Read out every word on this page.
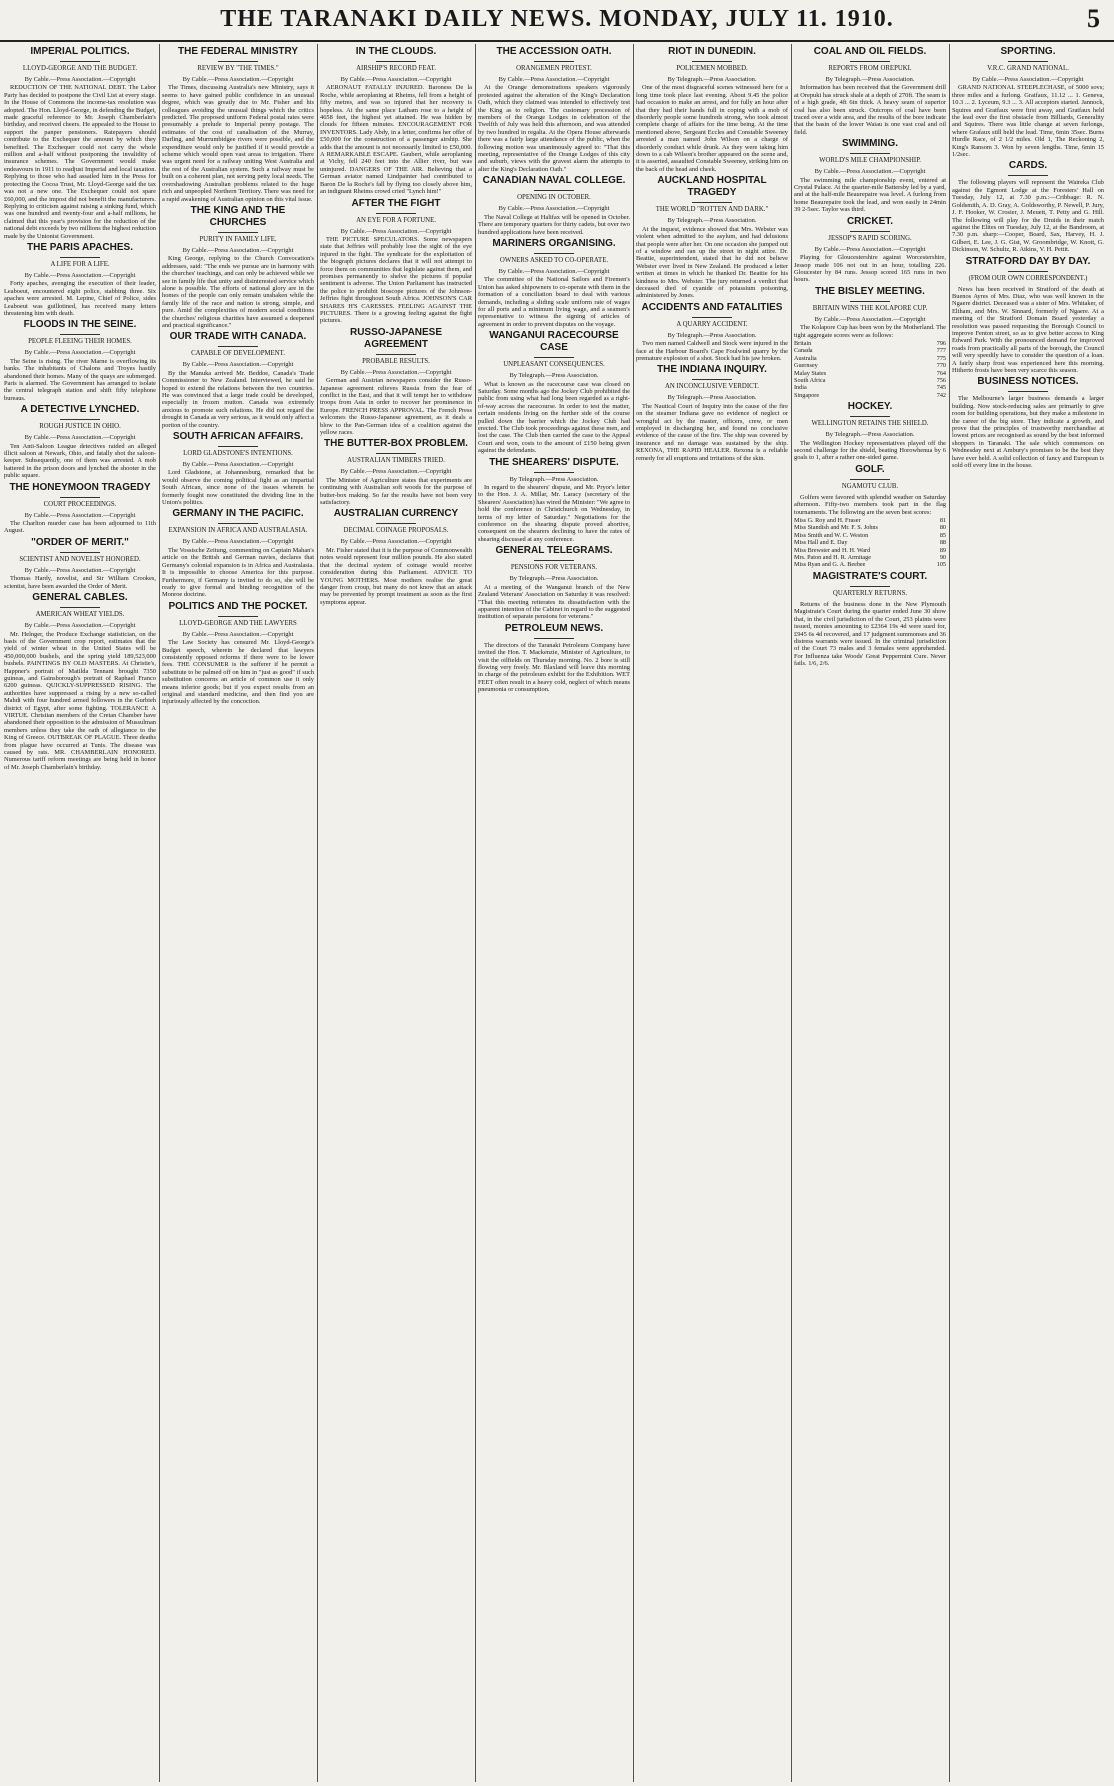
THE TARANAKI DAILY NEWS. MONDAY, JULY 11. 1910.	5
IMPERIAL POLITICS.
LLOYD-GEORGE AND THE BUDGET.
By Cable.—Press Association.—Copyright
REDUCTION OF THE NATIONAL DEBT. The Labor Party has decided to postpone the Civil List at every stage. In the House of Commons the income-tax resolution was adopted. The Hon. Lloyd-George, in defending the Budget, made graceful reference to Mr. Joseph Chamberlain's birthday, and received cheers. He appealed to the House to support the panper pensioners. Ratepayers should contribute to the Exchequer the amount by which they benefited. The Exchequer could not carry the whole million and a-half without postponing the invalidity of insurance schemes. The Government would make endeavours in 1911 to readjust Imperial and local taxation. Replying to those who had assailed him in the Press for protecting the Cocoa Trust, Mr. Lloyd-George said the tax was not a new one. The Exchequer could not spare £60,000, and the impost did not benefit the manufacturers. Replying to criticism against raising a sinking fund, which was one hundred and twenty-four and a-half millions, he claimed that this year's provision for the reduction of the national debt exceeds by two millions the highest reduction made by the Unionist Government.
THE PARIS APACHES.
A LIFE FOR A LIFE.
By Cable.—Press Association.—Copyright
Forty apaches, avenging the execution of their leader, Leaboeut, encountered eight police, stabbing three. Six apaches were arrested. M. Lepine, Chief of Police, sides Leaboeut was guillotined, has received many letters threatening him with death.
FLOODS IN THE SEINE.
PEOPLE FLEEING THEIR HOMES.
By Cable.—Press Association.—Copyright
The Seine is rising. The river Marne is overflowing its banks. The inhabitants of Chalons and Troyes hastily abandoned their homes. Many of the quays are submerged. Paris is alarmed. The Government has arranged to isolate the central telegraph station and shift fifty telephone bureaus.
A DETECTIVE LYNCHED.
ROUGH JUSTICE IN OHIO.
By Cable.—Press Association.—Copyright
Ten Anti-Saloon League detectives raided an alleged illicit saloon at Newark, Ohio, and fatally shot the saloon-keeper. Subsequently, one of them was arrested. A mob battered in the prison doors and lynched the shooter in the public square.
THE HONEYMOON TRAGEDY
COURT PROCEEDINGS.
By Cable.—Press Association.—Copyright
The Charlton murder case has been adjourned to 11th August.
"ORDER OF MERIT."
SCIENTIST AND NOVELIST HONORED.
By Cable.—Press Association.—Copyright
Thomas Hardy, novelist, and Sir William Crookes, scientist, have been awarded the Order of Merit.
GENERAL CABLES.
AMERICAN WHEAT YIELDS.
By Cable.—Press Association.—Copyright
Mr. Helnger, the Produce Exchange statistician, on the basis of the Government crop report, estimates that the yield of winter wheat in the United States will be 450,000,000 bushels, and the spring yield 189,523,000 bushels. PAINTINGS BY OLD MASTERS. At Christie's, Happner's portrait of Matilda Tennant brought 7350 guineas, and Gainsborough's portrait of Raphael Franco 6200 guineas. QUICKLY-SUPPRESSED RISING. The authorities have suppressed a rising by a new so-called Mahdi with four hundred armed followers in the Gurbieh district of Egypt, after some fighting. TOLERANCE A VIRTUE. Christian members of the Cretan Chamber have abandoned their opposition to the admission of Mussulman members unless they take the oath of allegiance to the King of Greece. OUTBREAK OF PLAGUE. Three deaths from plague have occurred at Tunis. The disease was caused by rats. MR. CHAMBERLAIN HONORED. Numerous tariff reform meetings are being held in honor of Mr. Joseph Chamberlain's birthday.
THE FEDERAL MINISTRY
REVIEW BY "THE TIMES."
By Cable.—Press Association.—Copyright
The Times, discussing Australia's new Ministry, says it seems to have gained public confidence in an unusual degree, which was greatly due to Mr. Fisher and his colleagues avoiding the unusual things which the critics predicted. The proposed uniform Federal postal rates were presumably a prelude to Imperial penny postage. The estimates of the cost of canalisation of the Murray, Darling, and Murrumbidgee rivers were possible, and the expenditure would only be justified if it would provide a scheme which would open vast areas to irrigation. There was urgent need for a railway uniting West Australia and the rest of the Australian system. Such a railway must be built on a coherent plan, not serving petty local needs. The overshadowing Australian problems related to the huge rich and unpeopled Northern Territory. There was need for a rapid awakening of Australian opinion on this vital issue.
THE KING AND THE CHURCHES
PURITY IN FAMILY LIFE.
By Cable.—Press Association.—Copyright
King George, replying to the Church Convocation's addresses, said: "The ends we pursue are in harmony with the churches' teachings, and can only be achieved while we see in family life that unity and disinterested service which alone is possible. The efforts of national glory are in the homes of the people can only remain unshaken while the family life of the race and nation is strong, simple, and pure. Amid the complexities of modern social conditions the churches' religious charities have assumed a deepened and practical significance."
OUR TRADE WITH CANADA.
CAPABLE OF DEVELOPMENT.
By Cable.—Press Association.—Copyright
By the Manuka arrived Mr. Beddoe, Canada's Trade Commissioner to New Zealand. Interviewed, he said he hoped to extend the relations between the two countries. He was convinced that a large trade could be developed, especially in frozen mutton. Canada was extremely anxious to promote such relations. He did not regard the drought in Canada as very serious, as it would only affect a portion of the country.
SOUTH AFRICAN AFFAIRS.
LORD GLADSTONE'S INTENTIONS.
By Cable.—Press Association.—Copyright
Lord Gladstone, at Johannesburg, remarked that he would observe the coming political fight as an impartial South African, since none of the issues wherein he formerly fought now constituted the dividing line in the Union's politics.
GERMANY IN THE PACIFIC.
EXPANSION IN AFRICA AND AUSTRALASIA.
By Cable.—Press Association.—Copyright
The Vossische Zeitung, commenting on Captain Mahan's article on the British and German navies, declares that Germany's colonial expansion is in Africa and Australasia. It is impossible to choose America for this purpose. Furthermore, if Germany is invited to do so, she will be ready to give formal and binding recognition of the Monroe doctrine.
POLITICS AND THE POCKET.
LLOYD-GEORGE AND THE LAWYERS
By Cable.—Press Association.—Copyright
The Law Society has censured Mr. Lloyd-George's Budget speech, wherein he declared that lawyers consistently opposed reforms if there were to be lower fees. THE CONSUMER is the sufferer if he permit a substitute to be palmed off on him in "just as good" if such substitution concerns an article of common use it only means inferior goods; but if you expect results from an original and standard medicine, and then find you are injuriously affected by the concoction.
IN THE CLOUDS.
AIRSHIP'S RECORD FEAT.
By Cable.—Press Association.—Copyright
AERONAUT FATALLY INJURED. Baroness De la Roche, while aeroplaning at Rheims, fell from a height of fifty metres, and was so injured that her recovery is hopeless. At the same place Latham rose to a height of 4658 feet, the highest yet attained. He was hidden by clouds for fifteen minutes. ENCOURAGEMENT FOR INVENTORS. Lady Abdy, in a letter, confirms her offer of £50,000 for the construction of a passenger airship. She adds that the amount is not necessarily limited to £50,000. A REMARKABLE ESCAPE. Gaubert, while aeroplaning at Vichy, fell 240 feet into the Allier river, but was uninjured. DANGERS OF THE AIR. Believing that a German aviator named Lindpainter had contributed to Baron De la Roche's fall by flying too closely above him, an indignant Rheims crowd cried "Lynch him!"
AFTER THE FIGHT
AN EYE FOR A FORTUNE.
By Cable.—Press Association.—Copyright
THE PICTURE SPECULATORS. Some newspapers state that Jeffries will probably lose the sight of the eye injured in the fight. The syndicate for the exploitation of the biograph pictures declares that it will not attempt to force them on communities that legislate against them, and promises permanently to shelve the pictures if popular sentiment is adverse. The Union Parliament has instructed the police to prohibit bioscope pictures of the Johnson-Jeffries fight throughout South Africa. JOHNSON'S CAR SHARES H'S CARESSES. FEELING AGAINST THE PICTURES. There is a growing feeling against the fight pictures.
RUSSO-JAPANESE AGREEMENT
PROBABLE RESULTS.
By Cable.—Press Association.—Copyright
German and Austrian newspapers consider the Russo-Japanese agreement relieves Russia from the fear of conflict in the East, and that it will tempt her to withdraw troops from Asia in order to recover her prominence in Europe. FRENCH PRESS APPROVAL. The French Press welcomes the Russo-Japanese agreement, as it deals a blow to the Pan-German idea of a coalition against the yellow races.
THE BUTTER-BOX PROBLEM.
AUSTRALIAN TIMBERS TRIED.
By Cable.—Press Association.—Copyright
The Minister of Agriculture states that experiments are continuing with Australian soft woods for the purpose of butter-box making. So far the results have not been very satisfactory.
AUSTRALIAN CURRENCY
DECIMAL COINAGE PROPOSALS.
By Cable.—Press Association.—Copyright
Mr. Fisher stated that it is the purpose of Commonwealth notes would represent four million pounds. He also stated that the decimal system of coinage would receive consideration during this Parliament. ADVICE TO YOUNG MOTHERS. Most mothers realise the great danger from croup, but many do not know that an attack may be prevented by prompt treatment as soon as the first symptoms appear.
THE ACCESSION OATH.
ORANGEMEN PROTEST.
By Cable.—Press Association.—Copyright
At the Orange demonstrations speakers vigorously protested against the alteration of the King's Declaration Oath, which they claimed was intended to effectively test the King as to religion. The customary procession of members of the Orange Lodges in celebration of the Twelfth of July was held this afternoon, and was attended by two hundred in regalia. At the Opera House afterwards there was a fairly large attendance of the public, when the following motion was unanimously agreed to: "That this meeting, representative of the Orange Lodges of this city and suburb, views with the gravest alarm the attempts to alter the King's Declaration Oath."
CANADIAN NAVAL COLLEGE.
OPENING IN OCTOBER.
By Cable.—Press Association.—Copyright
The Naval College at Halifax will be opened in October. There are temporary quarters for thirty cadets, but over two hundred applications have been received.
MARINERS ORGANISING.
OWNERS ASKED TO CO-OPERATE.
By Cable.—Press Association.—Copyright
The committee of the National Sailors and Firemen's Union has asked shipowners to co-operate with them in the formation of a conciliation board to deal with various demands, including a sliding scale uniform rate of wages for all ports and a minimum living wage, and a seamen's representative to witness the signing of articles of agreement in order to prevent disputes on the voyage.
WANGANUI RACECOURSE CASE
UNPLEASANT CONSEQUENCES.
By Telegraph.—Press Association.
What is known as the racecourse case was closed on Saturday. Some months ago the Jockey Club prohibited the public from using what had long been regarded as a right-of-way across the racecourse. In order to test the matter, certain residents living on the further side of the course pulled down the barrier which the Jockey Club had erected. The Club took proceedings against these men, and lost the case. The Club then carried the case to the Appeal Court and won, costs to the amount of £150 being given against the defendants.
THE SHEARERS' DISPUTE.
By Telegraph.—Press Association.
In regard to the shearers' dispute, and Mr. Pryor's letter to the Hon. J. A. Millar, Mr. Laracy (secretary of the Shearers' Association) has wired the Minister: "We agree to hold the conference in Christchurch on Wednesday, in terms of my letter of Saturday." Negotiations for the conference on the shearing dispute proved abortive, consequent on the shearers declining to have the rates of shearing discussed at any conference.
GENERAL TELEGRAMS.
PENSIONS FOR VETERANS.
By Telegraph.—Press Association.
At a meeting of the Wanganui branch of the New Zealand Veterans' Association on Saturday it was resolved: "That this meeting reiterates its dissatisfaction with the apparent intention of the Cabinet in regard to the suggested institution of separate pensions for veterans."
PETROLEUM NEWS.
The directors of the Taranaki Petroleum Company have invited the Hon. T. Mackenzie, Minister of Agriculture, to visit the oilfields on Thursday morning. No. 2 bore is still flowing very freely. Mr. Blaxland will leave this morning in charge of the petroleum exhibit for the Exhibition. WET FEET often result in a heavy cold, neglect of which means pneumonia or consumption.
RIOT IN DUNEDIN.
POLICEMEN MOBBED.
By Telegraph.—Press Association.
One of the most disgraceful scenes witnessed here for a long time took place last evening. About 9.45 the police had occasion to make an arrest, and for fully an hour after that they had their hands full in coping with a mob of disorderly people some hundreds strong, who took almost complete charge of affairs for the time being. At the time mentioned above, Sergeant Eccles and Constable Sweeney arrested a man named John Wilson on a charge of disorderly conduct while drunk. As they were taking him down to a cab Wilson's brother appeared on the scene and, it is asserted, assaulted Constable Sweeney, striking him on the back of the head and cheek.
AUCKLAND HOSPITAL TRAGEDY
THE WORLD "ROTTEN AND DARK."
By Telegraph.—Press Association.
At the inquest, evidence showed that Mrs. Webster was violent when admitted to the asylum, and had delusions that people were after her. On one occasion she jumped out of a window and ran up the street in night attire. Dr. Beattie, superintendent, stated that he did not believe Webster ever lived in New Zealand. He produced a letter written at times in which he thanked Dr. Beattie for his kindness to Mrs. Webster. The jury returned a verdict that deceased died of cyanide of potassium poisoning, administered by Jones.
ACCIDENTS AND FATALITIES
A QUARRY ACCIDENT.
By Telegraph.—Press Association.
Two men named Caldwell and Stock were injured in the face at the Harbour Board's Cape Foulwind quarry by the premature explosion of a shot. Stock had his jaw broken.
THE INDIANA INQUIRY.
AN INCONCLUSIVE VERDICT.
By Telegraph.—Press Association.
The Nautical Court of Inquiry into the cause of the fire on the steamer Indiana gave no evidence of neglect or wrongful act by the master, officers, crew, or men employed in discharging her, and found no conclusive evidence of the cause of the fire. The ship was covered by insurance and no damage was sustained by the ship. REXONA, THE RAPID HEALER. Rexona is a reliable remedy for all eruptions and irritations of the skin.
COAL AND OIL FIELDS.
REPORTS FROM OREPUKI.
By Telegraph.—Press Association.
Information has been received that the Government drill at Orepuki has struck shale at a depth of 270ft. The seam is of a high grade, 4ft 6in thick. A heavy seam of superior coal has also been struck. Outcrops of coal have been traced over a wide area, and the results of the bore indicate that the basin of the lower Waiau is one vast coal and oil field.
SWIMMING.
WORLD'S MILE CHAMPIONSHIP.
By Cable.—Press Association.—Copyright
The swimming mile championship event, entered at Crystal Palace. At the quarter-mile Battersby led by a yard, and at the half-mile Beaurepaire was level. A furlong from home Beaurepaire took the lead, and won easily in 24min 39 2-5sec. Taylor was third.
CRICKET.
JESSOP'S RAPID SCORING.
By Cable.—Press Association.—Copyright
Playing for Gloucestershire against Worcestershire, Jessop made 106 not out in an hour, totalling 226. Gloucester by 84 runs. Jessop scored 165 runs in two hours.
THE BISLEY MEETING.
BRITAIN WINS THE KOLAPORE CUP.
By Cable.—Press Association.—Copyright
The Kolapore Cup has been won by the Motherland. The tight aggregate scores were as follows:
Britain	796
Canada	777
Australia	775
Guernsey	770
Malay States	764
South Africa	756
India	745
Singapore	742
HOCKEY.
WELLINGTON RETAINS THE SHIELD.
By Telegraph.—Press Association.
The Wellington Hockey representatives played off the second challenge for the shield, beating Horowhenua by 6 goals to 1, after a rather one-sided game.
GOLF.
NGAMOTU CLUB.
Golfers were favored with splendid weather on Saturday afternoon. Fifty-two members took part in the flag tournaments. The following are the seven best scores:
Miss G. Roy and H. Fraser	81
Miss Standish and Mr. F. S. Johns	80
Miss Smith and W. C. Weston	85
Miss Hall and E. Day	88
Miss Brewster and H. H. Ward	89
Mrs. Paton and H. R. Armitage	90
Miss Ryan and G. A. Beebee	105
MAGISTRATE'S COURT.
QUARTERLY RETURNS.
Returns of the business done in the New Plymouth Magistrate's Court during the quarter ended June 30 show that, in the civil jurisdiction of the Court, 253 plaints were issued, monies amounting to £2364 19s 4d were sued for, £945 6s 4d recovered, and 17 judgment summonses and 36 distress warrants were issued. In the criminal jurisdiction of the Court 73 males and 3 females were apprehended. For Influenza take Woods' Great Peppermint Cure. Never fails. 1/6, 2/6.
SPORTING.
V.R.C. GRAND NATIONAL.
By Cable.—Press Association.—Copyright
GRAND NATIONAL STEEPLECHASE, of 5000 sovs; three miles and a furlong. Gratfaux, 11.12 ... 1. Geneva, 10.3 ... 2. Lyceum, 9.3 ... 3. All acceptors started. Jannock, Squires and Gratfaux were first away, and Gratfaux held the lead over the first obstacle from Billiards, Generality and Squires. There was little change at seven furlongs, where Grafaux still held the lead. Time, 6min 35sec. Burns Hurdle Race, of 2 1/2 miles. Old 1, The Reckoning 2, King's Ransom 3. Won by seven lengths. Time, 6min 15 1/2sec.
CARDS.
The following players will represent the Waireka Club against the Egmont Lodge at the Foresters' Hall on Tuesday, July 12, at 7.30 p.m.:—Cribbage: R. N. Goldsmith, A. D. Gray, A. Goldsworthy, P. Newell, P. Jury, J. F. Hooker, W. Crosier, J. Meuett, T. Petty and G. Hill. The following will play for the Druids in their match against the Elites on Tuesday, July 12, at the Bandroom, at 7.30 p.m. sharp:—Cooper, Board, Sax, Harvey, H. J. Gilbert, E. Lee, J. G. Gist, W. Groombridge, W. Knott, G. Dickinson, W. Schultz, R. Atkins, V. H. Pettit.
STRATFORD DAY BY DAY.
(FROM OUR OWN CORRESPONDENT.)
News has been received in Stratford of the death at Buenos Ayres of Mrs. Diaz, who was well known in the Ngaere district. Deceased was a sister of Mrs. Whitaker, of Eltham, and Mrs. W. Sinnard, formerly of Ngaere. At a meeting of the Stratford Domain Board yesterday a resolution was passed requesting the Borough Council to improve Fenton street, so as to give better access to King Edward Park. With the pronounced demand for improved roads from practically all parts of the borough, the Council will very speedily have to consider the question of a loan. A fairly sharp frost was experienced here this morning. Hitherto frosts have been very scarce this season.
BUSINESS NOTICES.
The Melbourne's larger business demands a larger building. Now stock-reducing sales are primarily to give room for building operations, but they make a milestone in the career of the big store. They indicate a growth, and prove that the principles of trustworthy merchandise at lowest prices are recognised as sound by the best informed shoppers in Taranaki. The sale which commences on Wednesday next at Ambury's promises to be the best they have ever held. A solid collection of fancy and European is sold off every line in the house.
